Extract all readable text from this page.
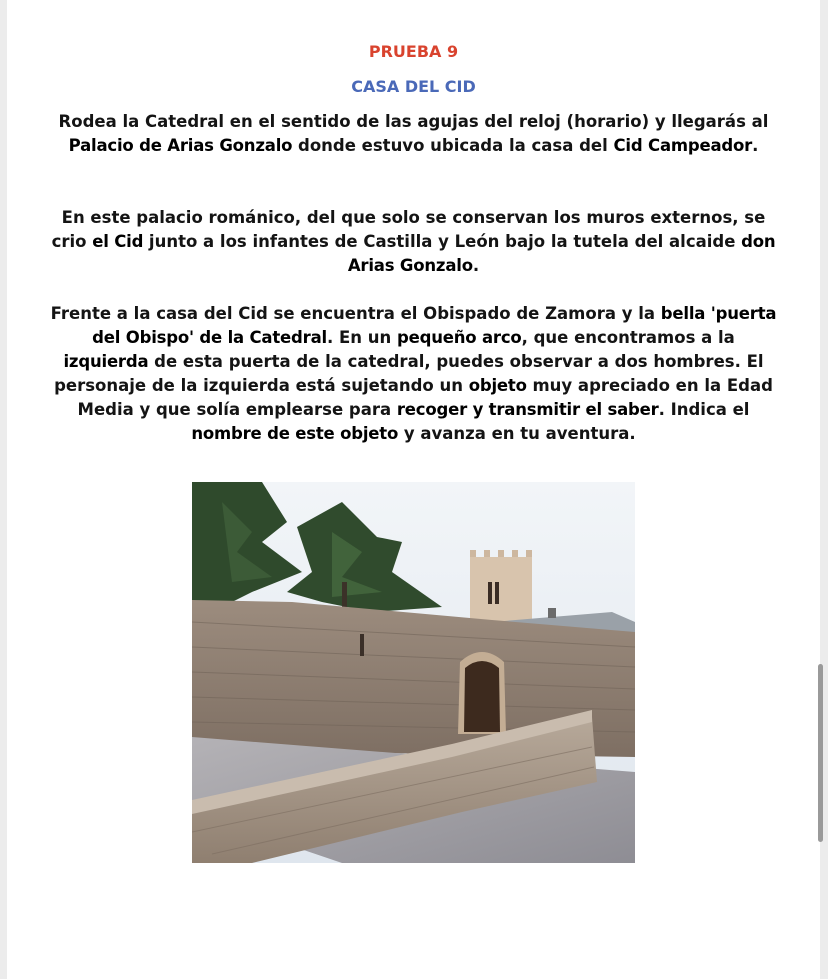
PRUEBA 9
CASA DEL CID
Rodea la Catedral en el sentido de las agujas del reloj (horario) y llegarás al Palacio de Arias Gonzalo donde estuvo ubicada la casa del Cid Campeador.
En este palacio románico, del que solo se conservan los muros externos, se crio el Cid junto a los infantes de Castilla y León bajo la tutela del alcaide don Arias Gonzalo.
Frente a la casa del Cid se encuentra el Obispado de Zamora y la bella 'puerta del Obispo' de la Catedral. En un pequeño arco, que encontramos a la izquierda de esta puerta de la catedral, puedes observar a dos hombres. El personaje de la izquierda está sujetando un objeto muy apreciado en la Edad Media y que solía emplearse para recoger y transmitir el saber. Indica el nombre de este objeto y avanza en tu aventura.
